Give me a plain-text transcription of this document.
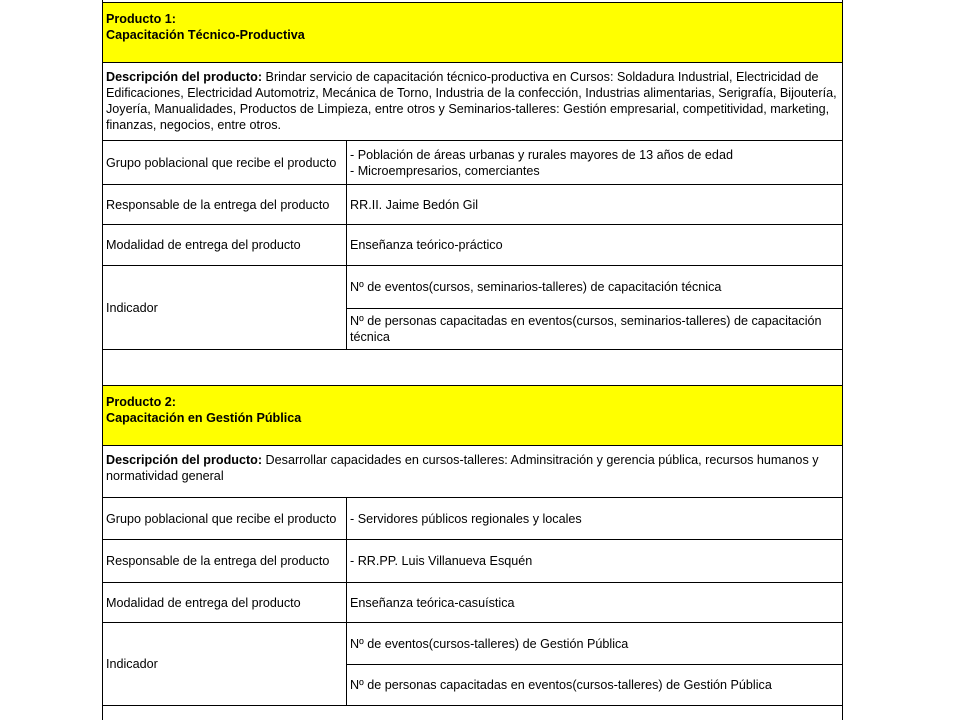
Producto 1:
Capacitación Técnico-Productiva	

Descripción del producto: Brindar servicio de capacitación técnico-productiva en Cursos: Soldadura Industrial, Electricidad de Edificaciones, Electricidad Automotriz, Mecánica de Torno, Industria de la confección, Industrias alimentarias, Serigrafía, Bijoutería, Joyería, Manualidades, Productos de Limpieza, entre otros y Seminarios-talleres: Gestión empresarial, competitividad, marketing, finanzas, negocios, entre otros.	
Grupo poblacional que recibe el producto	- Población de áreas urbanas y rurales mayores de 13 años de edad
- Microempresarios, comerciantes

Responsable de la entrega del producto	RR.II. Jaime Bedón Gil
Modalidad de entrega del producto	Enseñanza teórico-práctico
Indicador	Nº de eventos(cursos, seminarios-talleres) de capacitación técnica
	Nº de personas capacitadas en eventos(cursos, seminarios-talleres) de capacitación técnica
Producto 2:
Capacitación en Gestión Pública	

Descripción del producto: Desarrollar capacidades en cursos-talleres: Adminsitración y gerencia pública, recursos humanos y normatividad general	
Grupo poblacional que recibe el producto	- Servidores públicos regionales y locales
Responsable de la entrega del producto	- RR.PP. Luis Villanueva Esquén
Modalidad de entrega del producto	Enseñanza teórica-casuística
Indicador	Nº de eventos(cursos-talleres) de Gestión Pública
	Nº de personas capacitadas en eventos(cursos-talleres) de Gestión Pública
